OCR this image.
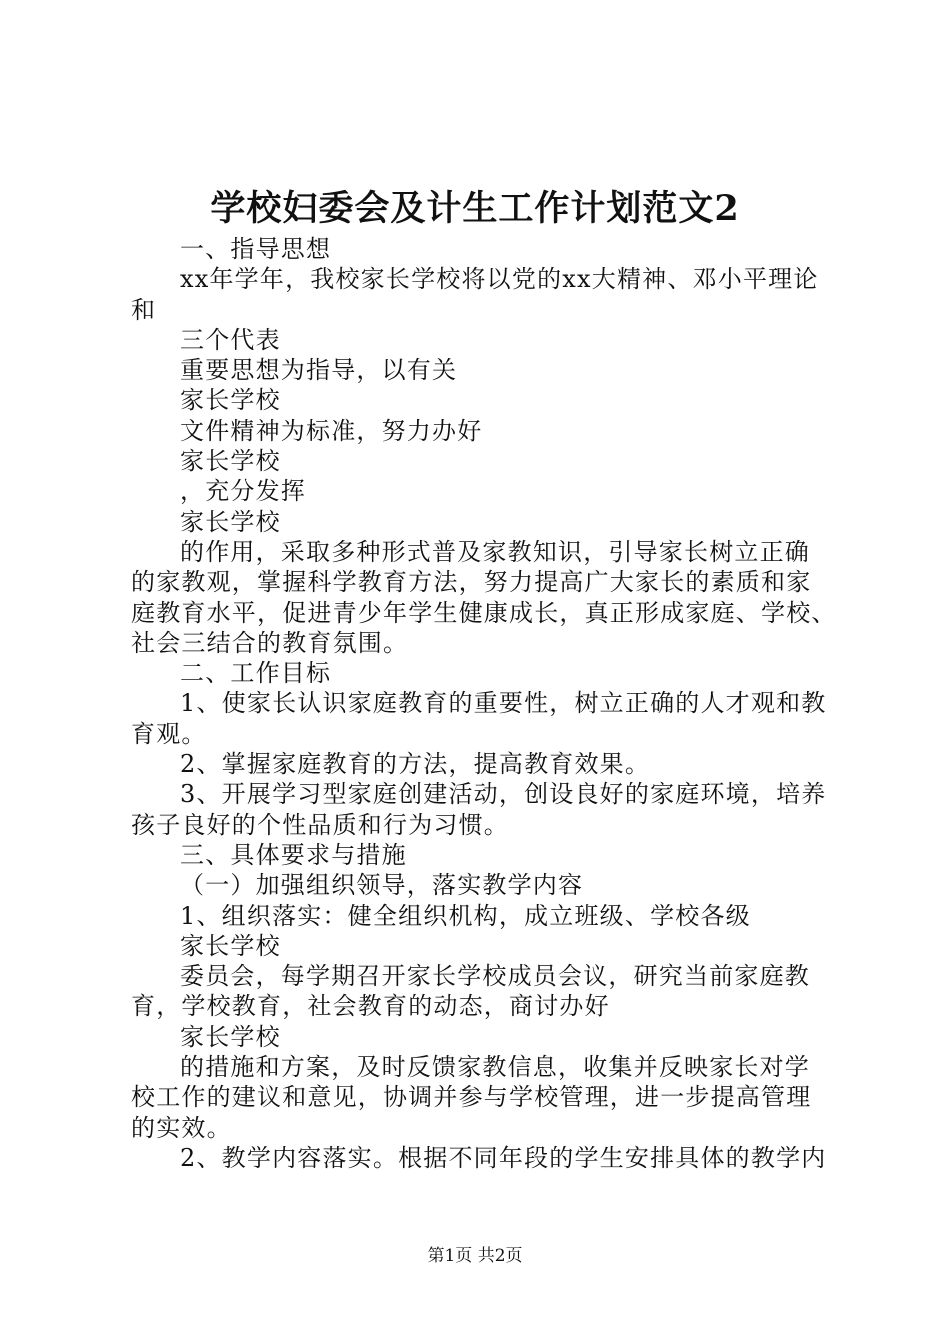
学校妇委会及计生工作计划范文2

一、指导思想

xx年学年，我校家长学校将以党的xx大精神、邓小平理论

和

三个代表

重要思想为指导，以有关

家长学校

文件精神为标准，努力办好

家长学校

，充分发挥

家长学校

的作用，采取多种形式普及家教知识，引导家长树立正确

的家教观，掌握科学教育方法，努力提高广大家长的素质和家

庭教育水平，促进青少年学生健康成长，真正形成家庭、学校、

社会三结合的教育氛围。

二、工作目标

1、使家长认识家庭教育的重要性，树立正确的人才观和教

育观。

2、掌握家庭教育的方法，提高教育效果。

3、开展学习型家庭创建活动，创设良好的家庭环境，培养

孩子良好的个性品质和行为习惯。

三、具体要求与措施

（一）加强组织领导，落实教学内容

1、组织落实：健全组织机构，成立班级、学校各级

家长学校

委员会，每学期召开家长学校成员会议，研究当前家庭教

育，学校教育，社会教育的动态，商讨办好

家长学校

的措施和方案，及时反馈家教信息，收集并反映家长对学

校工作的建议和意见，协调并参与学校管理，进一步提高管理

的实效。

2、教学内容落实。根据不同年段的学生安排具体的教学内

第1页 共2页
